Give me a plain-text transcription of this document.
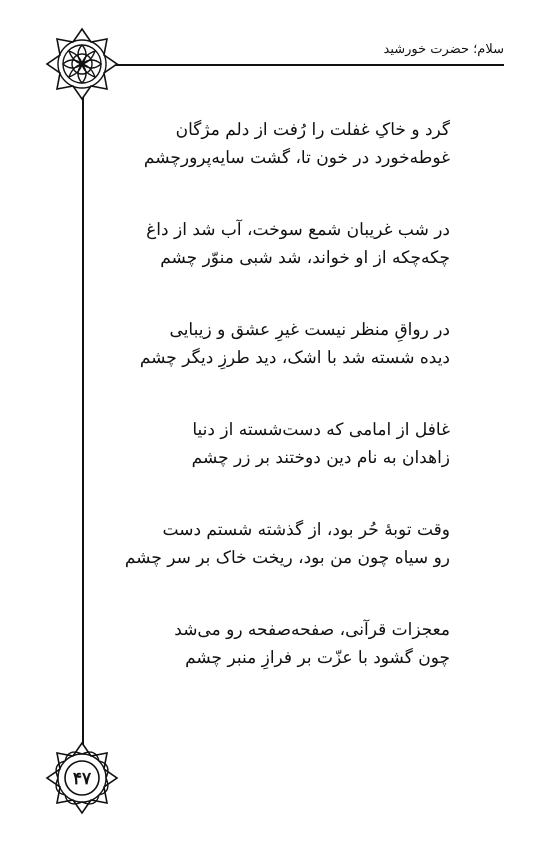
سلام؛ حضرت خورشید
۴۷
گرد و خاکِ غفلت را رُفت از دلم مژگان
غوطه‌خورد در خون تا، گشت سایه‌پرورچشم
در شب غریبان شمع سوخت، آب شد از داغ
چکه‌چکه از او خواند، شد شبی منوّر چشم
در رواقِ منظر نیست غیرِ عشق و زیبایی
دیده شسته شد با اشک، دید طرزِ دیگر چشم
غافل از امامی که دست‌شسته از دنیا
زاهدان به نام دین دوختند بر زر چشم
وقت توبهٔ حُر بود، از گذشته شستم دست
رو سیاه چون من بود، ریخت خاک بر سر چشم
معجزات قرآنی، صفحه‌صفحه رو می‌شد
چون گشود با عزّت بر فرازِ منبر چشم
